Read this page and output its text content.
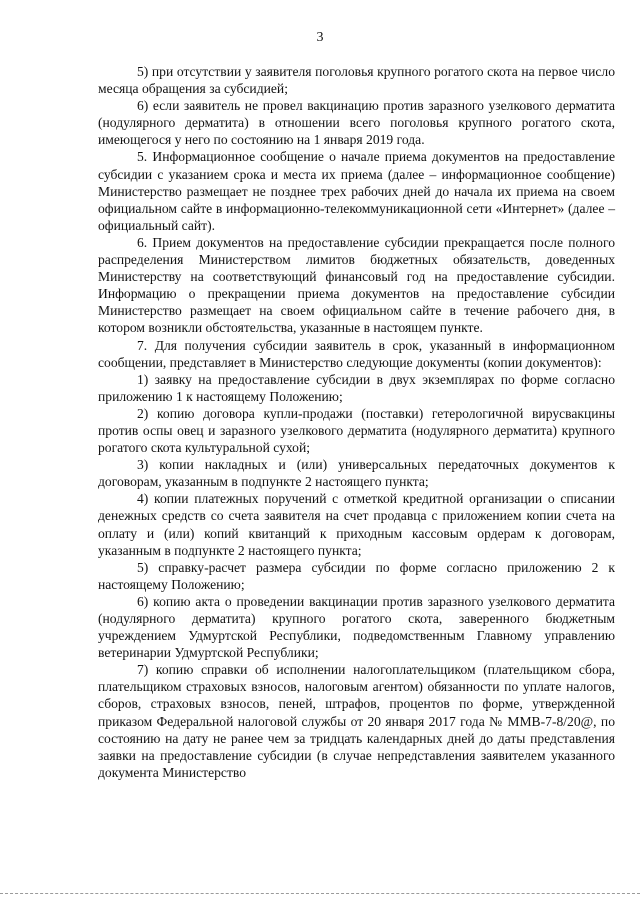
3

5) при отсутствии у заявителя поголовья крупного рогатого скота на первое число месяца обращения за субсидией;

6) если заявитель не провел вакцинацию против заразного узелкового дерматита (нодулярного дерматита) в отношении всего поголовья крупного рогатого скота, имеющегося у него по состоянию на 1 января 2019 года.

5. Информационное сообщение о начале приема документов на предоставление субсидии с указанием срока и места их приема (далее – информационное сообщение) Министерство размещает не позднее трех рабочих дней до начала их приема на своем официальном сайте в информационно-телекоммуникационной сети «Интернет» (далее – официальный сайт).

6. Прием документов на предоставление субсидии прекращается после полного распределения Министерством лимитов бюджетных обязательств, доведенных Министерству на соответствующий финансовый год на предоставление субсидии. Информацию о прекращении приема документов на предоставление субсидии Министерство размещает на своем официальном сайте в течение рабочего дня, в котором возникли обстоятельства, указанные в настоящем пункте.

7. Для получения субсидии заявитель в срок, указанный в информационном сообщении, представляет в Министерство следующие документы (копии документов):

1) заявку на предоставление субсидии в двух экземплярах по форме согласно приложению 1 к настоящему Положению;

2) копию договора купли-продажи (поставки) гетерологичной вирусвакцины против оспы овец и заразного узелкового дерматита (нодулярного дерматита) крупного рогатого скота культуральной сухой;

3) копии накладных и (или) универсальных передаточных документов к договорам, указанным в подпункте 2 настоящего пункта;

4) копии платежных поручений с отметкой кредитной организации о списании денежных средств со счета заявителя на счет продавца с приложением копии счета на оплату и (или) копий квитанций к приходным кассовым ордерам к договорам, указанным в подпункте 2 настоящего пункта;

5) справку-расчет размера субсидии по форме согласно приложению 2 к настоящему Положению;

6) копию акта о проведении вакцинации против заразного узелкового дерматита (нодулярного дерматита) крупного рогатого скота, заверенного бюджетным учреждением Удмуртской Республики, подведомственным Главному управлению ветеринарии Удмуртской Республики;

7) копию справки об исполнении налогоплательщиком (плательщиком сбора, плательщиком страховых взносов, налоговым агентом) обязанности по уплате налогов, сборов, страховых взносов, пеней, штрафов, процентов по форме, утвержденной приказом Федеральной налоговой службы от 20 января 2017 года № ММВ-7-8/20@, по состоянию на дату не ранее чем за тридцать календарных дней до даты представления заявки на предоставление субсидии (в случае непредставления заявителем указанного документа Министерство
